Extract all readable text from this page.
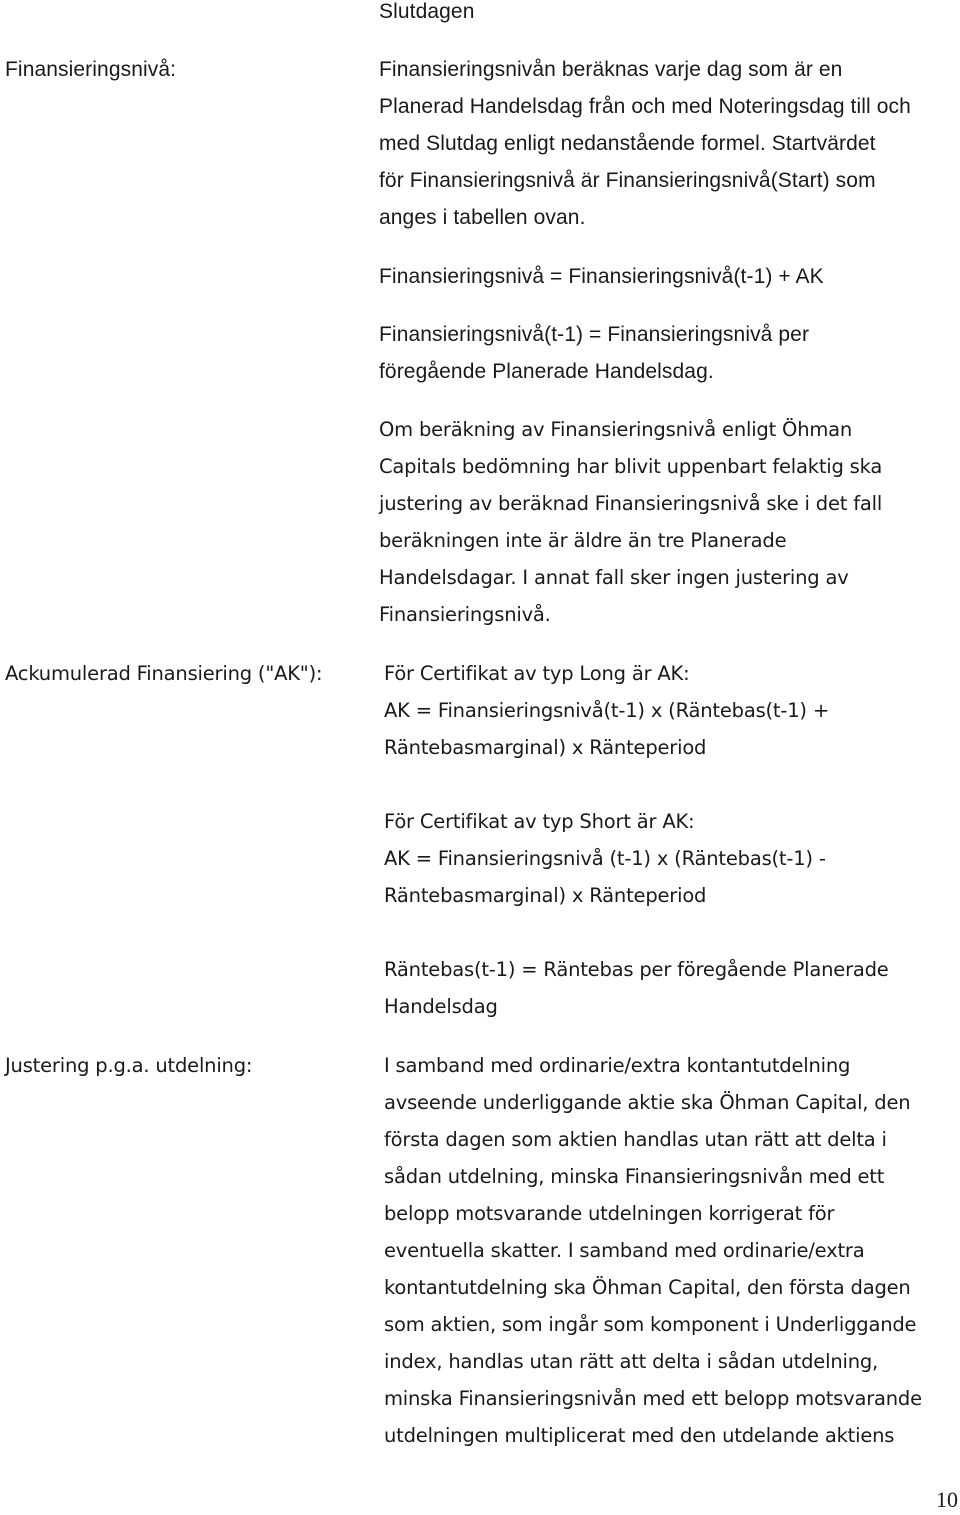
Slutdagen
Finansieringsnivå:	Finansieringsnivån beräknas varje dag som är en
Planerad Handelsdag från och med Noteringsdag till och
med Slutdag enligt nedanstående formel. Startvärdet
för Finansieringsnivå är Finansieringsnivå(Start) som
anges i tabellen ovan.
Finansieringsnivå = Finansieringsnivå(t-1) + AK
Finansieringsnivå(t-1) = Finansieringsnivå per
föregående Planerade Handelsdag.
Om beräkning av Finansieringsnivå enligt Öhman
Capitals bedömning har blivit uppenbart felaktig ska
justering av beräknad Finansieringsnivå ske i det fall
beräkningen inte är äldre än tre Planerade
Handelsdagar. I annat fall sker ingen justering av
Finansieringsnivå.
Ackumulerad Finansiering ("AK"):	För Certifikat av typ Long är AK:
AK = Finansieringsnivå(t-1) x (Räntebas(t-1) +
Räntebasmarginal) x Ränteperiod
För Certifikat av typ Short är AK:
AK = Finansieringsnivå (t-1) x (Räntebas(t-1) -
Räntebasmarginal) x Ränteperiod
Räntebas(t-1) = Räntebas per föregående Planerade
Handelsdag
Justering p.g.a. utdelning:	I samband med ordinarie/extra kontantutdelning
avseende underliggande aktie ska Öhman Capital, den
första dagen som aktien handlas utan rätt att delta i
sådan utdelning, minska Finansieringsnivån med ett
belopp motsvarande utdelningen korrigerat för
eventuella skatter. I samband med ordinarie/extra
kontantutdelning ska Öhman Capital, den första dagen
som aktien, som ingår som komponent i Underliggande
index, handlas utan rätt att delta i sådan utdelning,
minska Finansieringsnivån med ett belopp motsvarande
utdelningen multiplicerat med den utdelande aktiens
10
